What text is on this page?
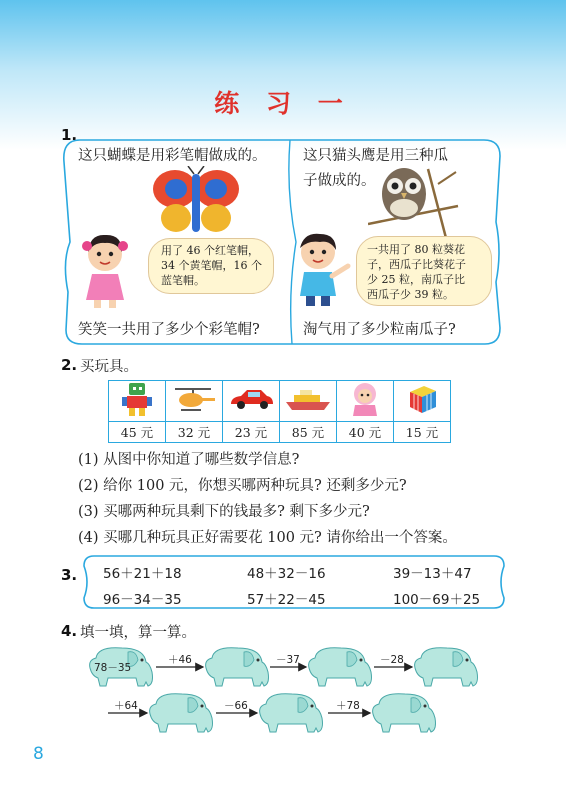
练 习 一
1.
这只蝴蝶是用彩笔帽做成的。	这只猫头鹰是用三种瓜
子做成的。
用了 46 个红笔帽，
34 个黄笔帽，16 个
蓝笔帽。
一共用了 80 粒葵花
子，西瓜子比葵花子
少 25 粒，南瓜子比
西瓜子少 39 粒。
笑笑一共用了多少个彩笔帽?	淘气用了多少粒南瓜子?
2. 买玩具。

45 元	32 元	23 元	85 元	40 元	15 元
(1) 从图中你知道了哪些数学信息?
(2) 给你 100 元，你想买哪两种玩具? 还剩多少元?
(3) 买哪两种玩具剩下的钱最多? 剩下多少元?
(4) 买哪几种玩具正好需要花 100 元? 请你给出一个答案。
3. 56＋21＋18	48＋32－16	39－13＋47
96－34－35	57＋22－45	100－69＋25
4. 填一填，算一算。
78－35
＋46	－37	－28
＋64	－66	＋78
8
